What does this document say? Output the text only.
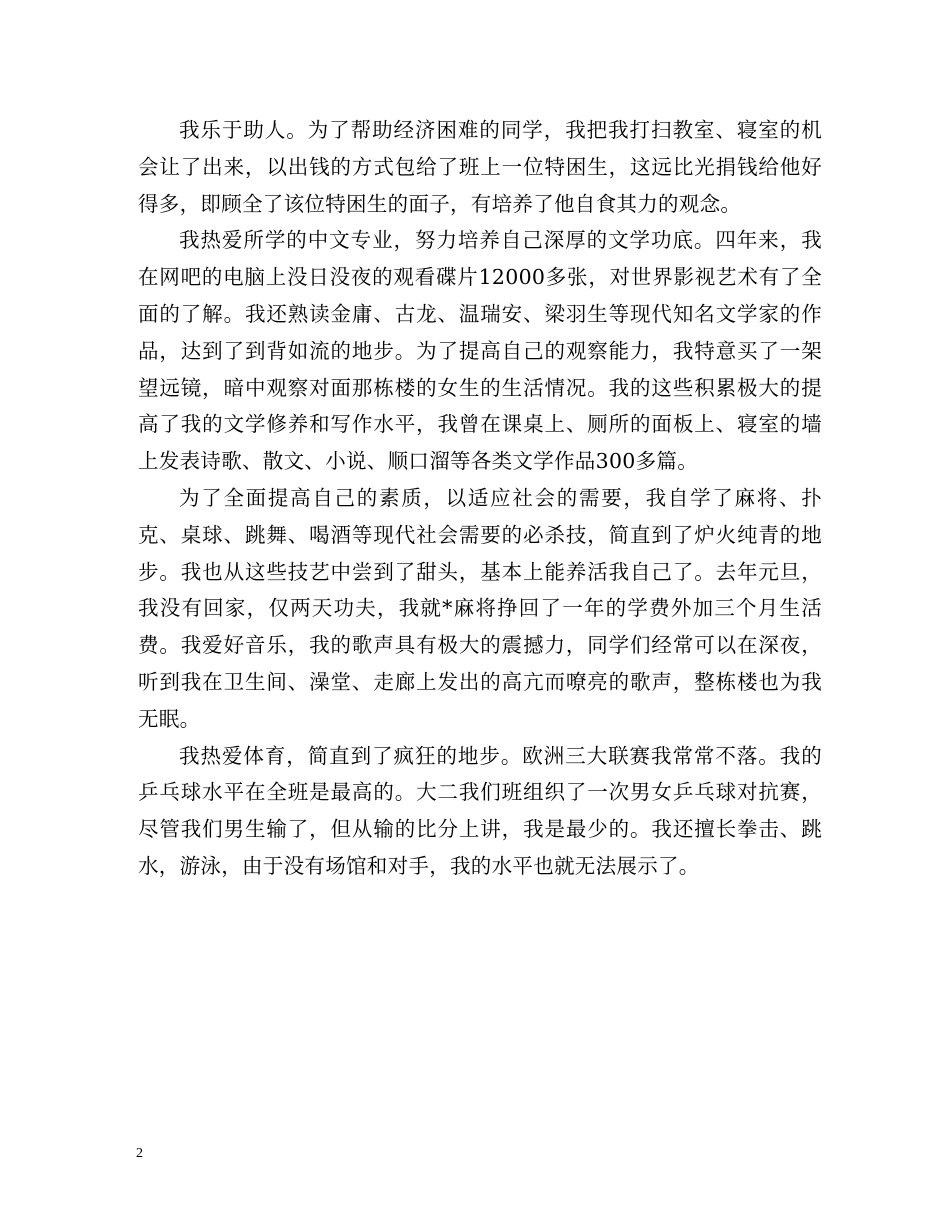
我乐于助人。为了帮助经济困难的同学，我把我打扫教室、寝室的机会让了出来，以出钱的方式包给了班上一位特困生，这远比光捐钱给他好得多，即顾全了该位特困生的面子，有培养了他自食其力的观念。

我热爱所学的中文专业，努力培养自己深厚的文学功底。四年来，我在网吧的电脑上没日没夜的观看碟片12000多张，对世界影视艺术有了全面的了解。我还熟读金庸、古龙、温瑞安、梁羽生等现代知名文学家的作品，达到了到背如流的地步。为了提高自己的观察能力，我特意买了一架望远镜，暗中观察对面那栋楼的女生的生活情况。我的这些积累极大的提高了我的文学修养和写作水平，我曾在课桌上、厕所的面板上、寝室的墙上发表诗歌、散文、小说、顺口溜等各类文学作品300多篇。

为了全面提高自己的素质，以适应社会的需要，我自学了麻将、扑克、桌球、跳舞、喝酒等现代社会需要的必杀技，简直到了炉火纯青的地步。我也从这些技艺中尝到了甜头，基本上能养活我自己了。去年元旦，我没有回家，仅两天功夫，我就*麻将挣回了一年的学费外加三个月生活费。我爱好音乐，我的歌声具有极大的震撼力，同学们经常可以在深夜，听到我在卫生间、澡堂、走廊上发出的高亢而嘹亮的歌声，整栋楼也为我无眠。

我热爱体育，简直到了疯狂的地步。欧洲三大联赛我常常不落。我的乒乓球水平在全班是最高的。大二我们班组织了一次男女乒乓球对抗赛，尽管我们男生输了，但从输的比分上讲，我是最少的。我还擅长拳击、跳水，游泳，由于没有场馆和对手，我的水平也就无法展示了。

2
